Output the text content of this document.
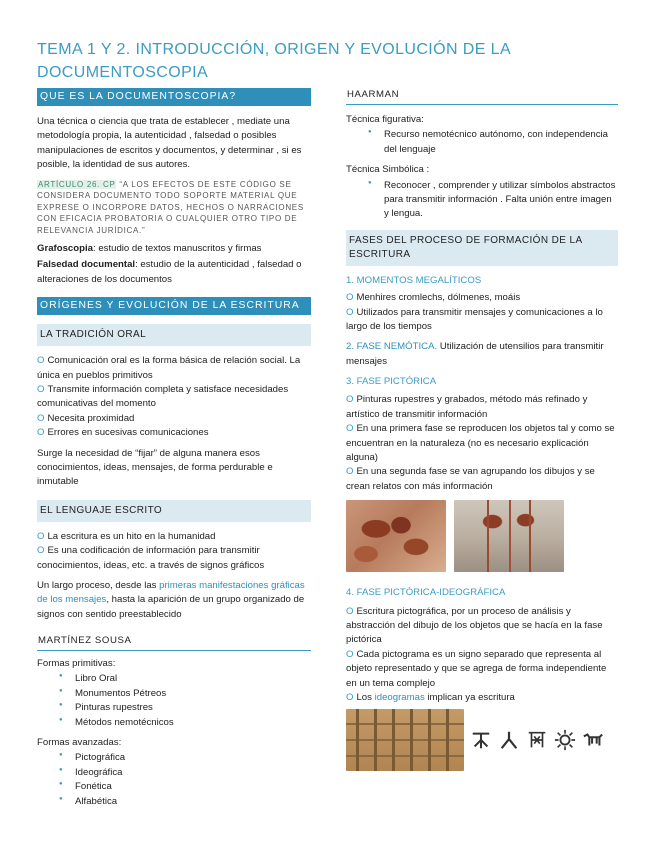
TEMA 1 Y 2. INTRODUCCIÓN, ORIGEN Y EVOLUCIÓN DE LA DOCUMENTOSCOPIA
QUE ES LA DOCUMENTOSCOPIA?

Una técnica o ciencia que trata de establecer , mediate una metodología propia, la autenticidad , falsedad o posibles manipulaciones de escritos y documentos, y determinar , si es posible, la identidad de sus autores.

ARTÍCULO 26. CP “A LOS EFECTOS DE ESTE CÓDIGO SE CONSIDERA DOCUMENTO TODO SOPORTE MATERIAL QUE EXPRESE O INCORPORE DATOS, HECHOS O NARRACIONES CON EFICACIA PROBATORIA O CUALQUIER OTRO TIPO DE RELEVANCIA JURÍDICA.”

Grafoscopia: estudio de textos manuscritos y firmas

Falsedad documental: estudio de la autenticidad , falsedad o alteraciones de los documentos

ORÍGENES Y EVOLUCIÓN DE LA ESCRITURA
LA TRADICIÓN ORAL
O Comunicación oral es la forma básica de relación social. La única en pueblos primitivos
O Transmite información completa y satisface necesidades comunicativas del momento
O Necesita proximidad
O Errores en sucesivas comunicaciones

Surge la necesidad de “fijar” de alguna manera esos conocimientos, ideas, mensajes, de forma perdurable e inmutable

EL LENGUAJE ESCRITO
O La escritura es un hito en la humanidad
O Es una codificación de información para transmitir conocimientos, ideas, etc. a través de signos gráficos

Un largo proceso, desde las primeras manifestaciones gráficas de los mensajes, hasta la aparición de un grupo organizado de signos con sentido preestablecido

MARTÍNEZ SOUSA

Formas primitivas:

● Libro Oral
● Monumentos Pétreos
● Pinturas rupestres
● Métodos nemotécnicos

Formas avanzadas:

● Pictográfica
● Ideográfica
● Fonética
● Alfabética
HAARMAN

Técnica figurativa:

● Recurso nemotécnico autónomo, con independencia del lenguaje

Técnica Simbólica :

● Reconocer , comprender y utilizar símbolos abstractos para transmitir información . Falta unión entre imagen y lengua.
FASES DEL PROCESO DE FORMACIÓN DE LA ESCRITURA

1. MOMENTOS MEGALÍTICOS

O Menhires cromlechs, dólmenes, moáis
O Utilizados para transmitir mensajes y comunicaciones a lo largo de los tiempos

2. FASE NEMÓTICA. Utilización de utensilios para transmitir mensajes

3. FASE PICTÓRICA

O Pinturas rupestres y grabados, método más refinado y artístico de transmitir información
O En una primera fase se reproducen los objetos tal y como se encuentran en la naturaleza (no es necesario explicación alguna)
O En una segunda fase se van agrupando los dibujos y se crean relatos con más información

4. FASE PICTÓRICA-IDEOGRÁFICA

O Escritura pictográfica, por un proceso de análisis y abstracción del dibujo de los objetos que se hacía en la fase pictórica
O Cada pictograma es un signo separado que representa al objeto representado y que se agrega de forma independiente en un tema complejo
O Los ideogramas implican ya escritura
